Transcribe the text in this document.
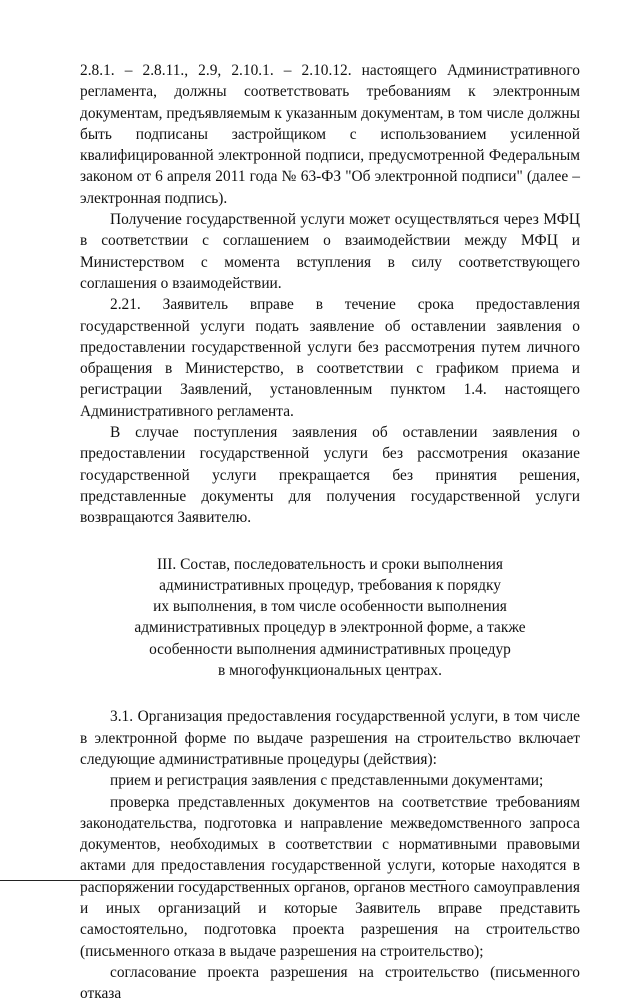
2.8.1. – 2.8.11., 2.9, 2.10.1. – 2.10.12. настоящего Административного регламента, должны соответствовать требованиям к электронным документам, предъявляемым к указанным документам, в том числе должны быть подписаны застройщиком с использованием усиленной квалифицированной электронной подписи, предусмотренной Федеральным законом от 6 апреля 2011 года № 63-ФЗ "Об электронной подписи" (далее – электронная подпись).

Получение государственной услуги может осуществляться через МФЦ в соответствии с соглашением о взаимодействии между МФЦ и Министерством с момента вступления в силу соответствующего соглашения о взаимодействии.

2.21. Заявитель вправе в течение срока предоставления государственной услуги подать заявление об оставлении заявления о предоставлении государственной услуги без рассмотрения путем личного обращения в Министерство, в соответствии с графиком приема и регистрации Заявлений, установленным пунктом 1.4. настоящего Административного регламента.

В случае поступления заявления об оставлении заявления о предоставлении государственной услуги без рассмотрения оказание государственной услуги прекращается без принятия решения, представленные документы для получения государственной услуги возвращаются Заявителю.

III. Состав, последовательность и сроки выполнения
административных процедур, требования к порядку
их выполнения, в том числе особенности выполнения
административных процедур в электронной форме, а также
особенности выполнения административных процедур
в многофункциональных центрах.

3.1. Организация предоставления государственной услуги, в том числе в электронной форме по выдаче разрешения на строительство включает следующие административные процедуры (действия):

прием и регистрация заявления с представленными документами;

проверка представленных документов на соответствие требованиям законодательства, подготовка и направление межведомственного запроса документов, необходимых в соответствии с нормативными правовыми актами для предоставления государственной услуги, которые находятся в распоряжении государственных органов, органов местного самоуправления и иных организаций и которые Заявитель вправе представить самостоятельно, подготовка проекта разрешения на строительство (письменного отказа в выдаче разрешения на строительство);

согласование проекта разрешения на строительство (письменного отказа
